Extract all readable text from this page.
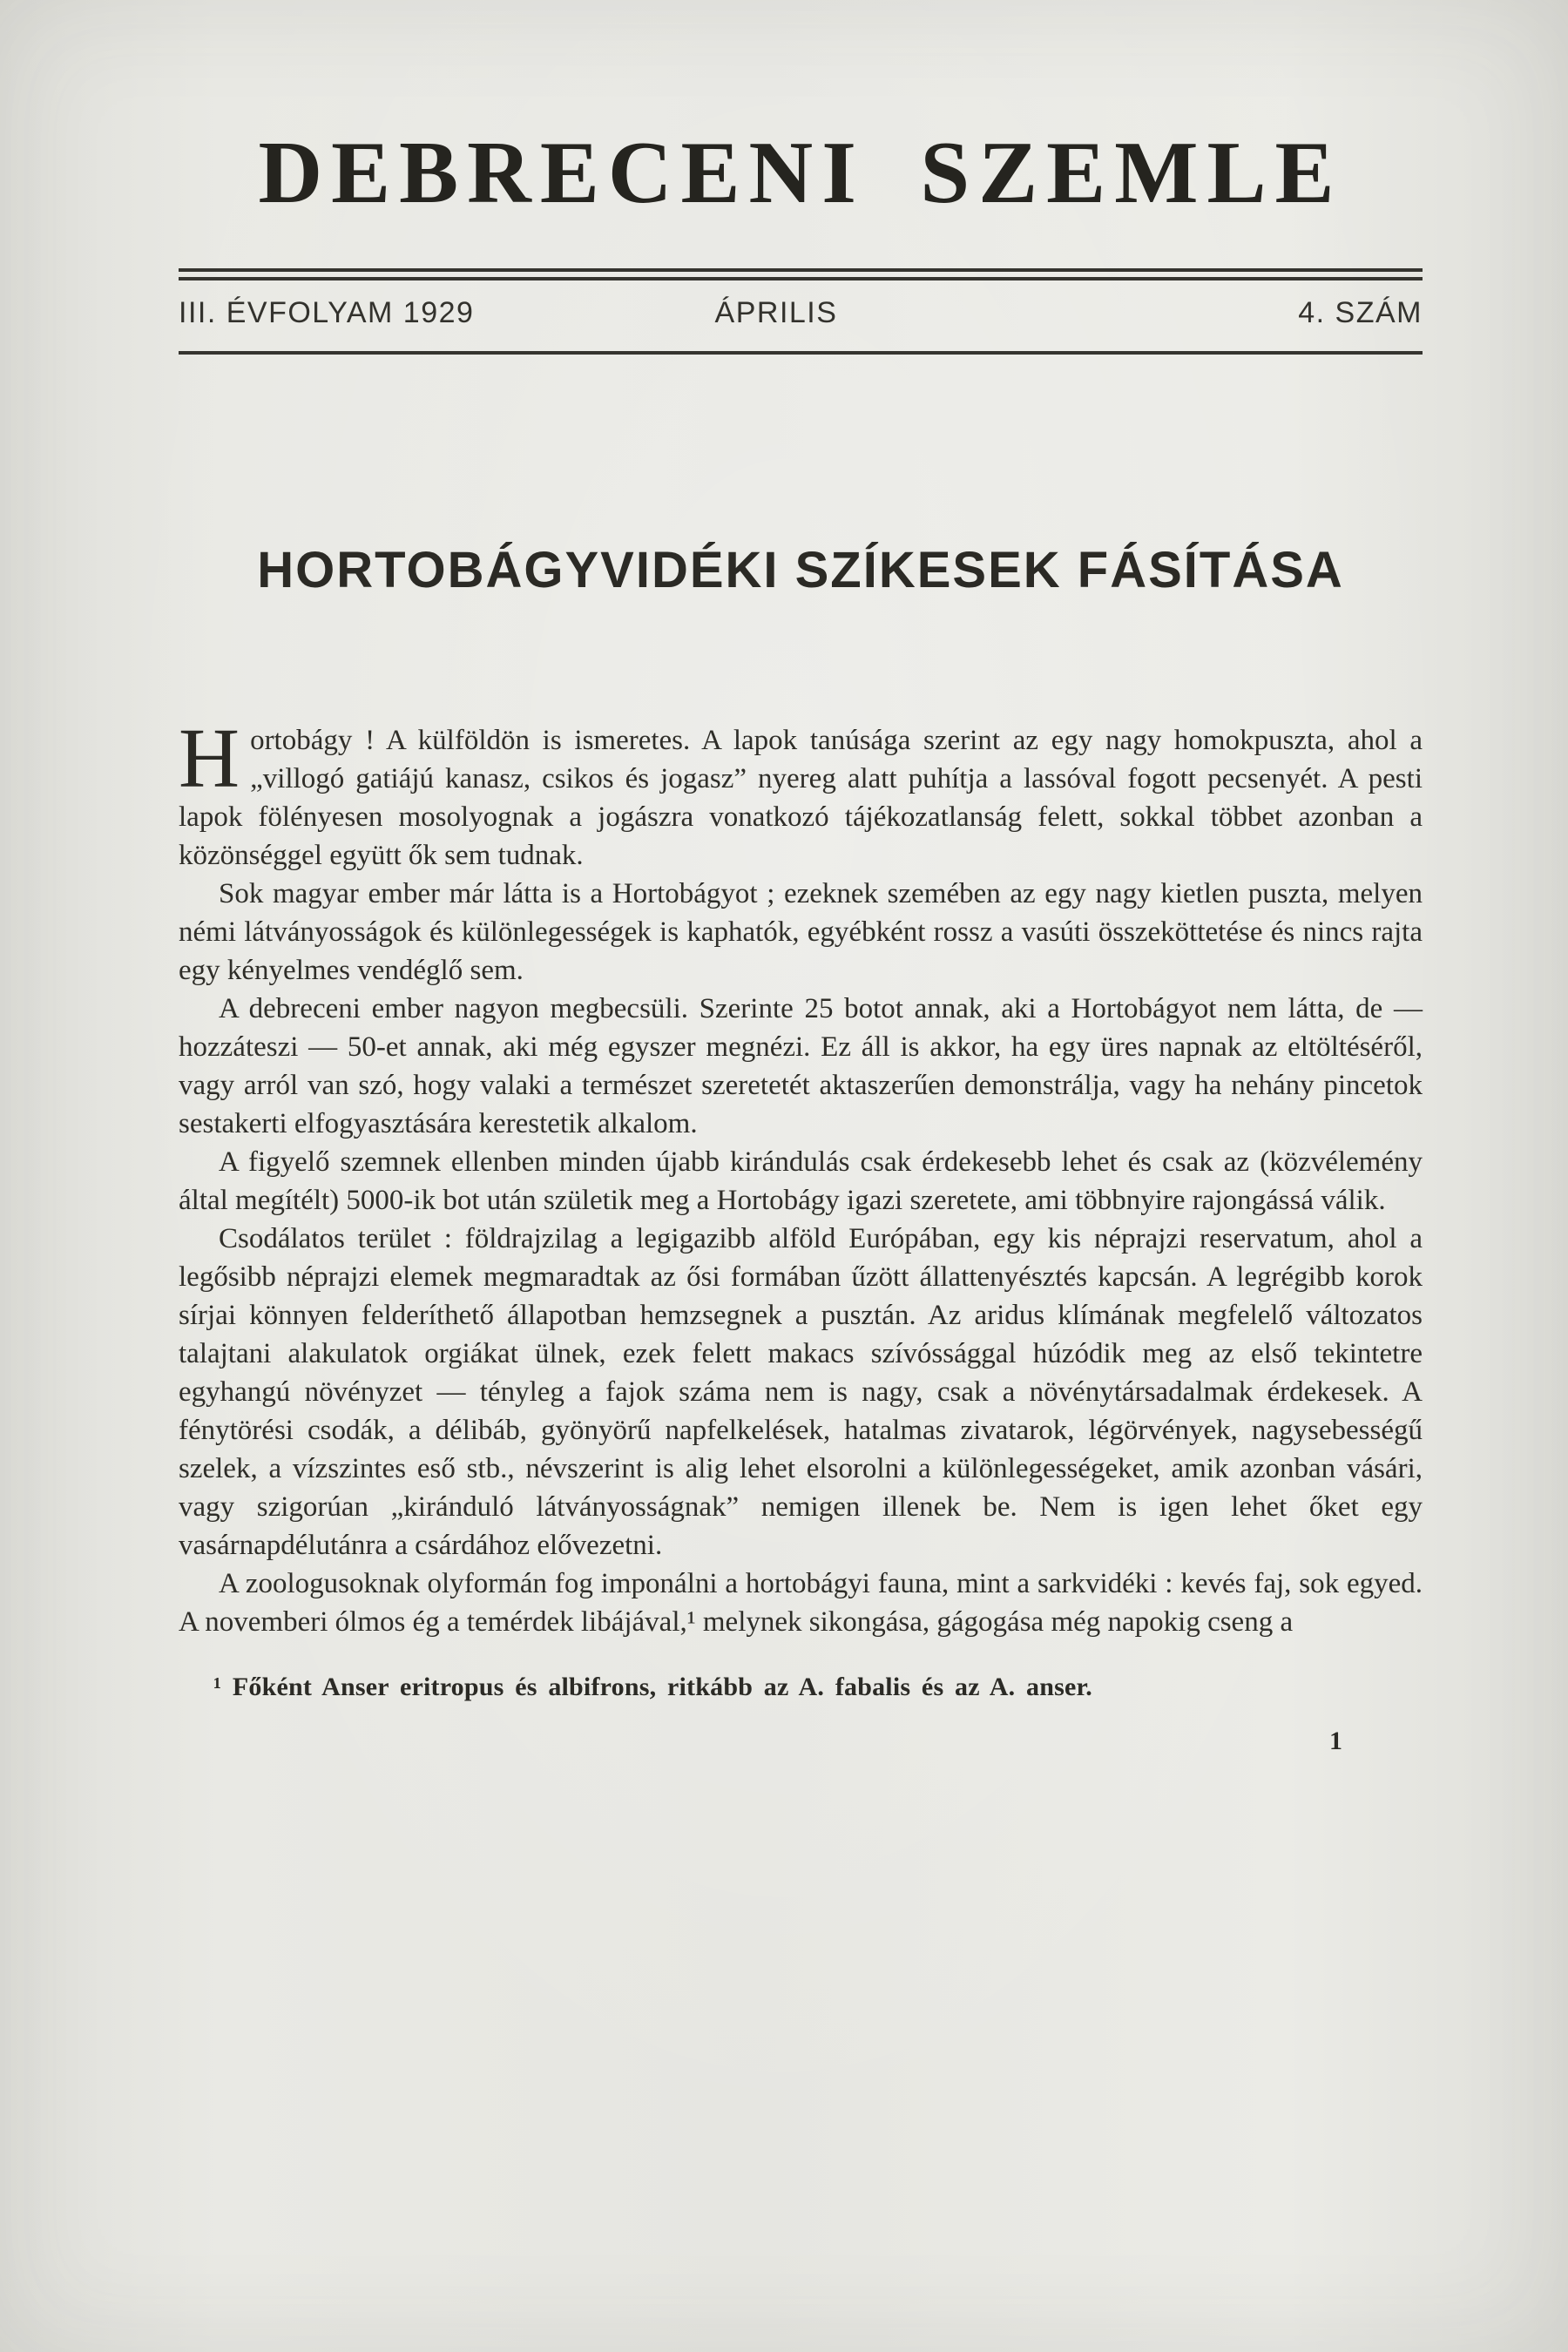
DEBRECENI SZEMLE
III. ÉVFOLYAM 1929	ÁPRILIS	4. SZÁM
HORTOBÁGYVIDÉKI SZÍKESEK FÁSÍTÁSA

Hortobágy ! A külföldön is ismeretes. A lapok tanúsága szerint az egy nagy homokpuszta, ahol a „villogó gatiájú kanasz, csikos és jogasz” nyereg alatt puhítja a lassóval fogott pecsenyét. A pesti lapok fölényesen mosolyognak a jogászra vonatkozó tájékozatlanság felett, sokkal többet azonban a közönséggel együtt ők sem tudnak.

Sok magyar ember már látta is a Hortobágyot ; ezeknek szemében az egy nagy kietlen puszta, melyen némi látványosságok és különlegességek is kaphatók, egyébként rossz a vasúti összeköttetése és nincs rajta egy kényelmes vendéglő sem.

A debreceni ember nagyon megbecsüli. Szerinte 25 botot annak, aki a Hortobágyot nem látta, de — hozzáteszi — 50-et annak, aki még egyszer megnézi. Ez áll is akkor, ha egy üres napnak az eltöltéséről, vagy arról van szó, hogy valaki a természet szeretetét aktaszerűen demonstrálja, vagy ha nehány pincetok sestakerti elfogyasztására kerestetik alkalom.

A figyelő szemnek ellenben minden újabb kirándulás csak érdekesebb lehet és csak az (közvélemény által megítélt) 5000-ik bot után születik meg a Hortobágy igazi szeretete, ami többnyire rajongássá válik.

Csodálatos terület : földrajzilag a legigazibb alföld Európában, egy kis néprajzi reservatum, ahol a legősibb néprajzi elemek megmaradtak az ősi formában űzött állattenyésztés kapcsán. A legrégibb korok sírjai könnyen felderíthető állapotban hemzsegnek a pusztán. Az aridus klímának megfelelő változatos talajtani alakulatok orgiákat ülnek, ezek felett makacs szívóssággal húzódik meg az első tekintetre egyhangú növényzet — tényleg a fajok száma nem is nagy, csak a növénytársadalmak érdekesek. A fénytörési csodák, a délibáb, gyönyörű napfelkelések, hatalmas zivatarok, légörvények, nagysebességű szelek, a vízszintes eső stb., névszerint is alig lehet elsorolni a különlegességeket, amik azonban vásári, vagy szigorúan „kiránduló látványosságnak” nemigen illenek be. Nem is igen lehet őket egy vasárnapdélutánra a csárdához elővezetni.

A zoologusoknak olyformán fog imponálni a hortobágyi fauna, mint a sarkvidéki : kevés faj, sok egyed. A novemberi ólmos ég a temérdek libájával,¹ melynek sikongása, gágogása még napokig cseng a

¹ Főként Anser eritropus és albifrons, ritkább az A. fabalis és az A. anser.

1
